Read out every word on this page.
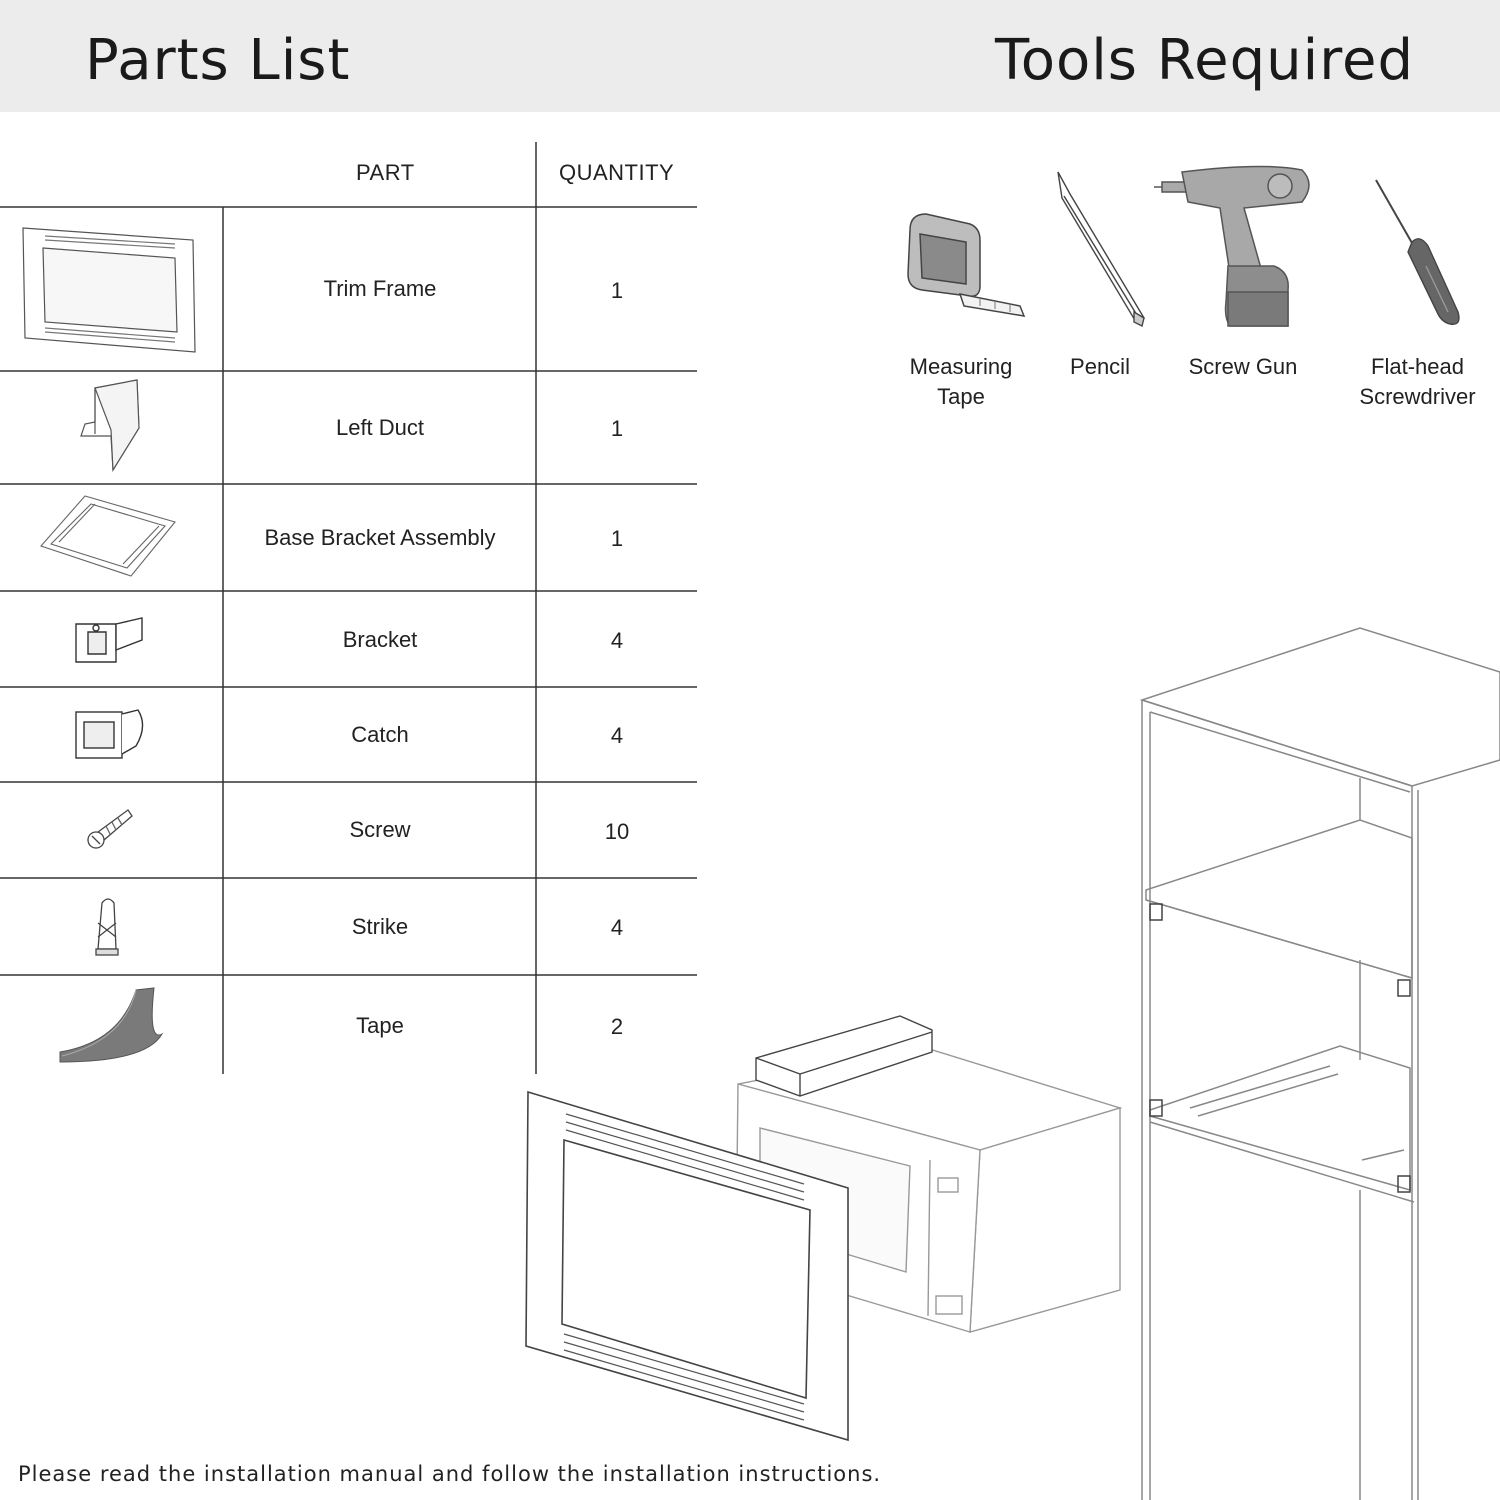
Parts List	Tools Required
PART	QUANTITY
Trim Frame	1
Left Duct	1
Base Bracket Assembly	1
Bracket	4
Catch	4
Screw	10
Strike	4
Tape	2
Measuring
Tape
Pencil	Screw Gun	Flat-head
Screwdriver
Please read the installation manual and follow the installation instructions.
